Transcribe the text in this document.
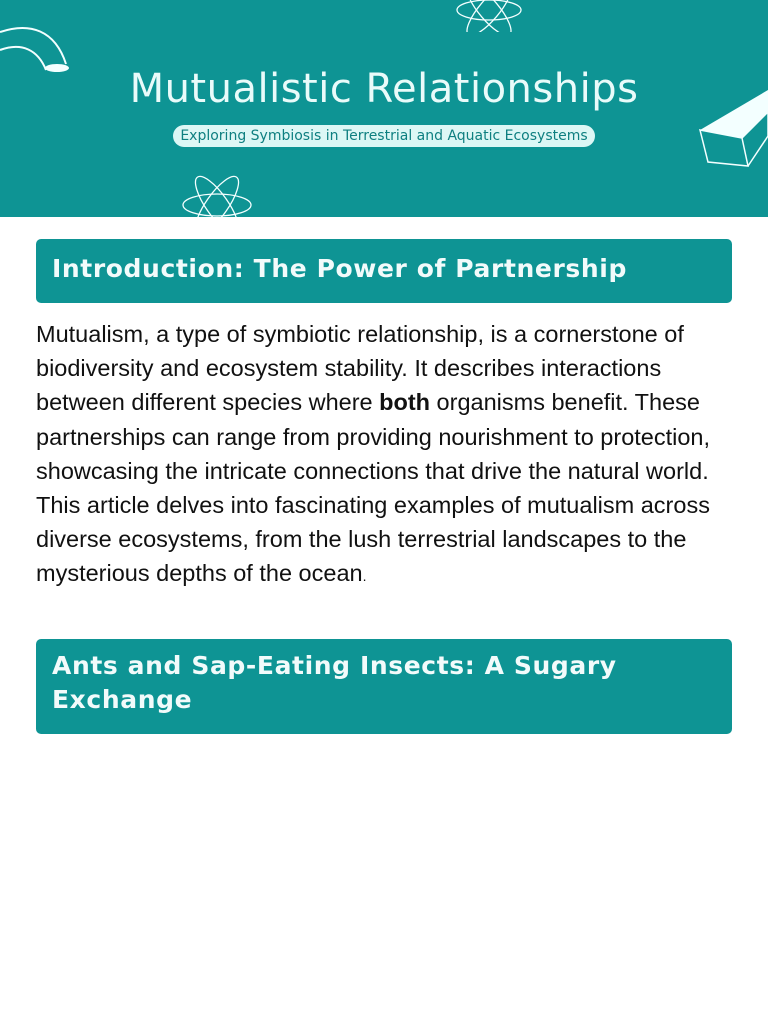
Mutualistic Relationships
Exploring Symbiosis in Terrestrial and Aquatic Ecosystems
Introduction: The Power of Partnership

Mutualism, a type of symbiotic relationship, is a cornerstone of biodiversity and ecosystem stability. It describes interactions between different species where both organisms benefit. These partnerships can range from providing nourishment to protection, showcasing the intricate connections that drive the natural world. This article delves into fascinating examples of mutualism across diverse ecosystems, from the lush terrestrial landscapes to the mysterious depths of the ocean.

Ants and Sap-Eating Insects: A Sugary Exchange
